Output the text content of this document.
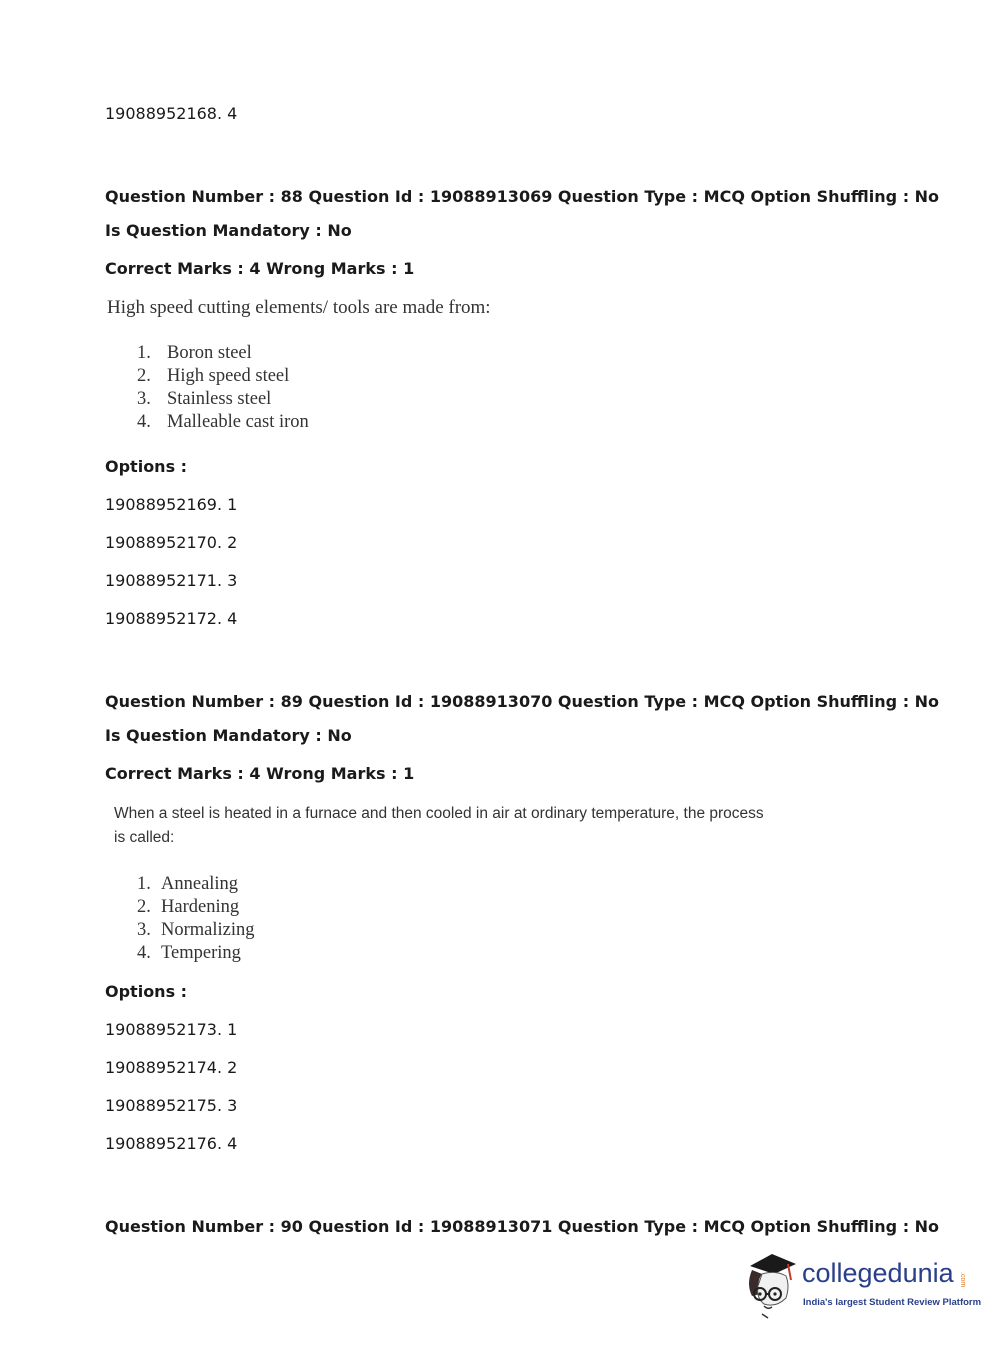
19088952168. 4
Question Number : 88 Question Id : 19088913069 Question Type : MCQ Option Shuffling : No
Is Question Mandatory : No
Correct Marks : 4 Wrong Marks : 1
High speed cutting elements/ tools are made from:
1. Boron steel
2. High speed steel
3. Stainless steel
4. Malleable cast iron
Options :
19088952169. 1
19088952170. 2
19088952171. 3
19088952172. 4
Question Number : 89 Question Id : 19088913070 Question Type : MCQ Option Shuffling : No
Is Question Mandatory : No
Correct Marks : 4 Wrong Marks : 1
When a steel is heated in a furnace and then cooled in air at ordinary temperature, the process
is called:
1. Annealing
2. Hardening
3. Normalizing
4. Tempering
Options :
19088952173. 1
19088952174. 2
19088952175. 3
19088952176. 4
Question Number : 90 Question Id : 19088913071 Question Type : MCQ Option Shuffling : No
collegedunia .com
India's largest Student Review Platform
